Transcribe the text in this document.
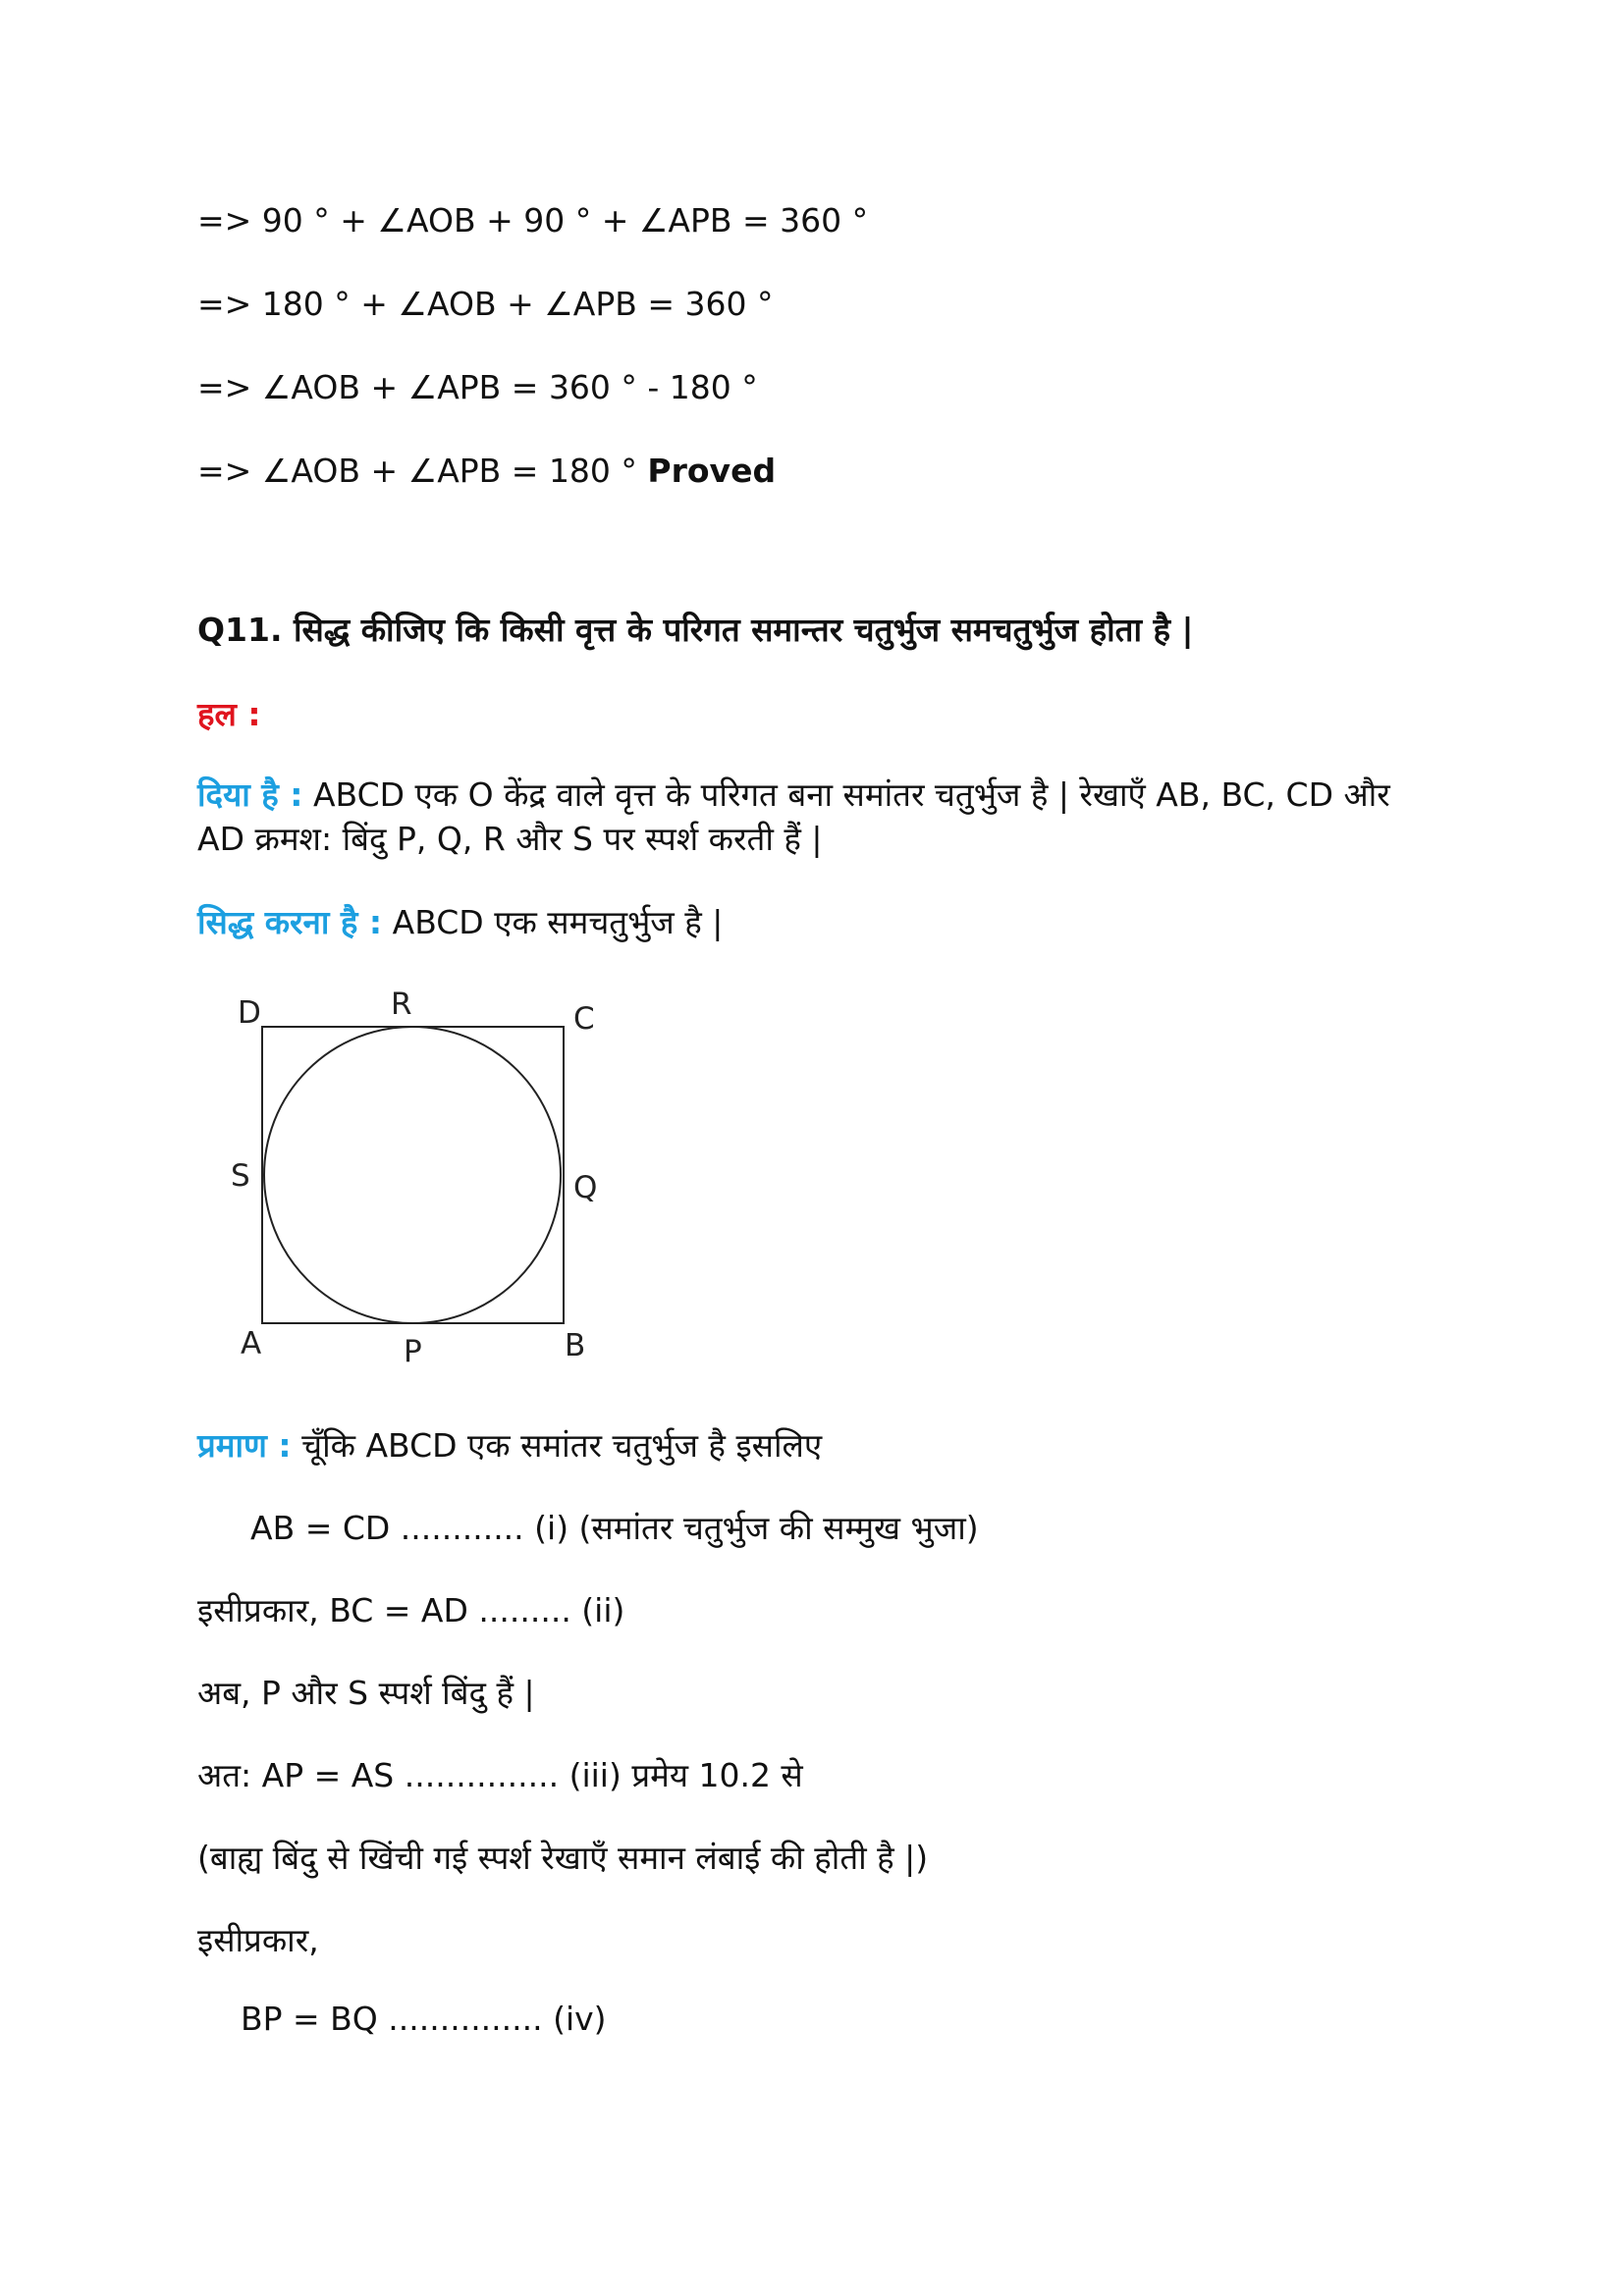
=> 90 ° + ∠AOB + 90 ° + ∠APB = 360 °
=> 180 ° + ∠AOB + ∠APB = 360 °
=> ∠AOB + ∠APB = 360 ° - 180 °
=> ∠AOB + ∠APB = 180 ° Proved
Q11. सिद्ध कीजिए कि किसी वृत्त के परिगत समान्तर चतुर्भुज समचतुर्भुज होता है |
हल :
दिया है : ABCD एक O केंद्र वाले वृत्त के परिगत बना समांतर चतुर्भुज है | रेखाएँ AB, BC, CD और
AD क्रमश: बिंदु P, Q, R और S पर स्पर्श करती हैं |
सिद्ध करना है : ABCD एक समचतुर्भुज है |
D	R	C
S	Q
A	P	B
प्रमाण : चूँकि ABCD एक समांतर चतुर्भुज है इसलिए
AB = CD ............ (i) (समांतर चतुर्भुज की सम्मुख भुजा)
इसीप्रकार, BC = AD ......... (ii)
अब, P और S स्पर्श बिंदु हैं |
अत: AP = AS ............... (iii) प्रमेय 10.2 से
(बाह्य बिंदु से खिंची गई स्पर्श रेखाएँ समान लंबाई की होती है |)
इसीप्रकार,
BP = BQ ............... (iv)
